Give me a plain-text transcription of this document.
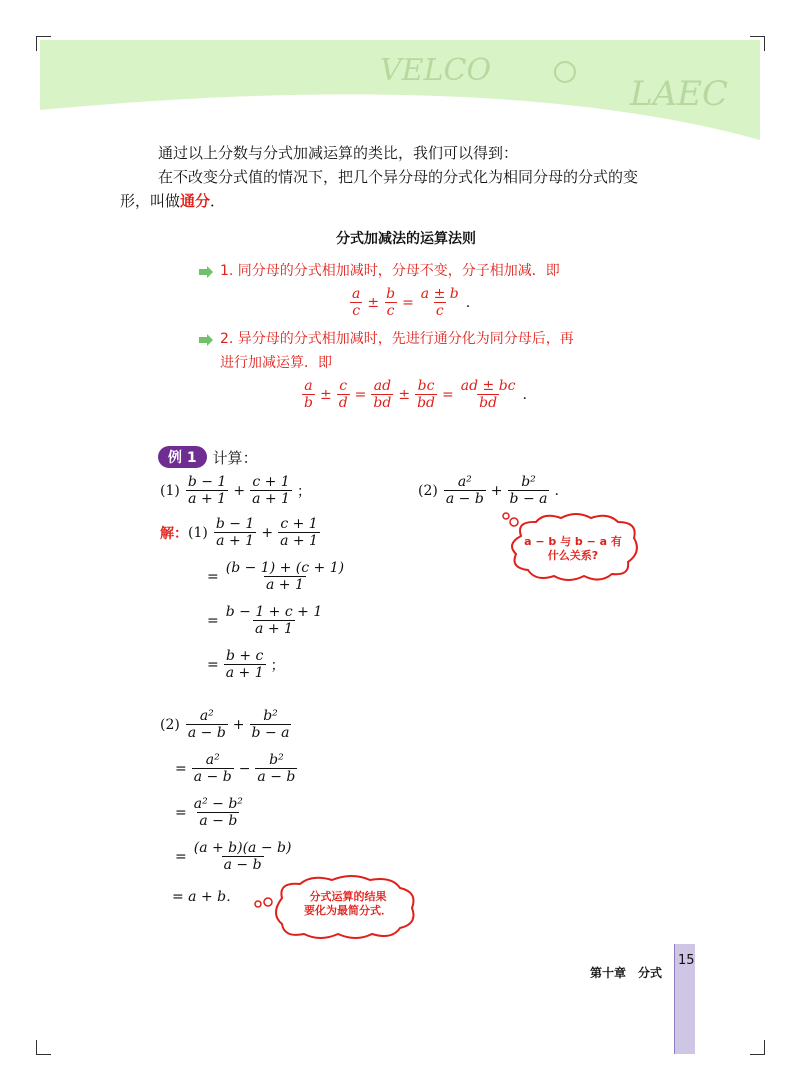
VELCO
LAEC
通过以上分数与分式加减运算的类比，我们可以得到：
在不改变分式值的情况下，把几个异分母的分式化为相同分母的分式的变
形，叫做通分．
分式加减法的运算法则
1. 同分母的分式相加减时，分母不变，分子相加减．即
$\frac{a}{c} \pm \frac{b}{c} = \frac{a \pm b}{c}$ .
2. 异分母的分式相加减时，先进行通分化为同分母后，再
进行加减运算．即
$\frac{a}{b} \pm \frac{c}{d} = \frac{ad}{bd} \pm \frac{bc}{bd} = \frac{ad \pm bc}{bd}$ .
例 1	计算：
$(1) \frac{b - 1}{a + 1} + \frac{c + 1}{a + 1}$ ；	$(2) \frac{\text{a²}}{a - b} + \frac{\text{b²}}{b - a}$ .
a − b 与 b − a 有
什么关系?
解： $(1) \frac{b - 1}{a + 1} + \frac{c + 1}{a + 1}$
= $\frac{(b - 1) + (c + 1)}{a + 1}$
= $\frac{b - 1 + c + 1}{a + 1}$
= $\frac{b + c}{a + 1}$ ；
$(2) \frac{\text{a²}}{a - b} + \frac{\text{b²}}{b - a}$
= $\frac{\text{a²}}{a - b} - \frac{\text{b²}}{a - b}$
= $\frac{\text{a² − b²}}{a - b}$
= $\frac{(a + b)(a - b)}{a - b}$
= a + b．	分式运算的结果
要化为最简分式．
第十章 分式
15
